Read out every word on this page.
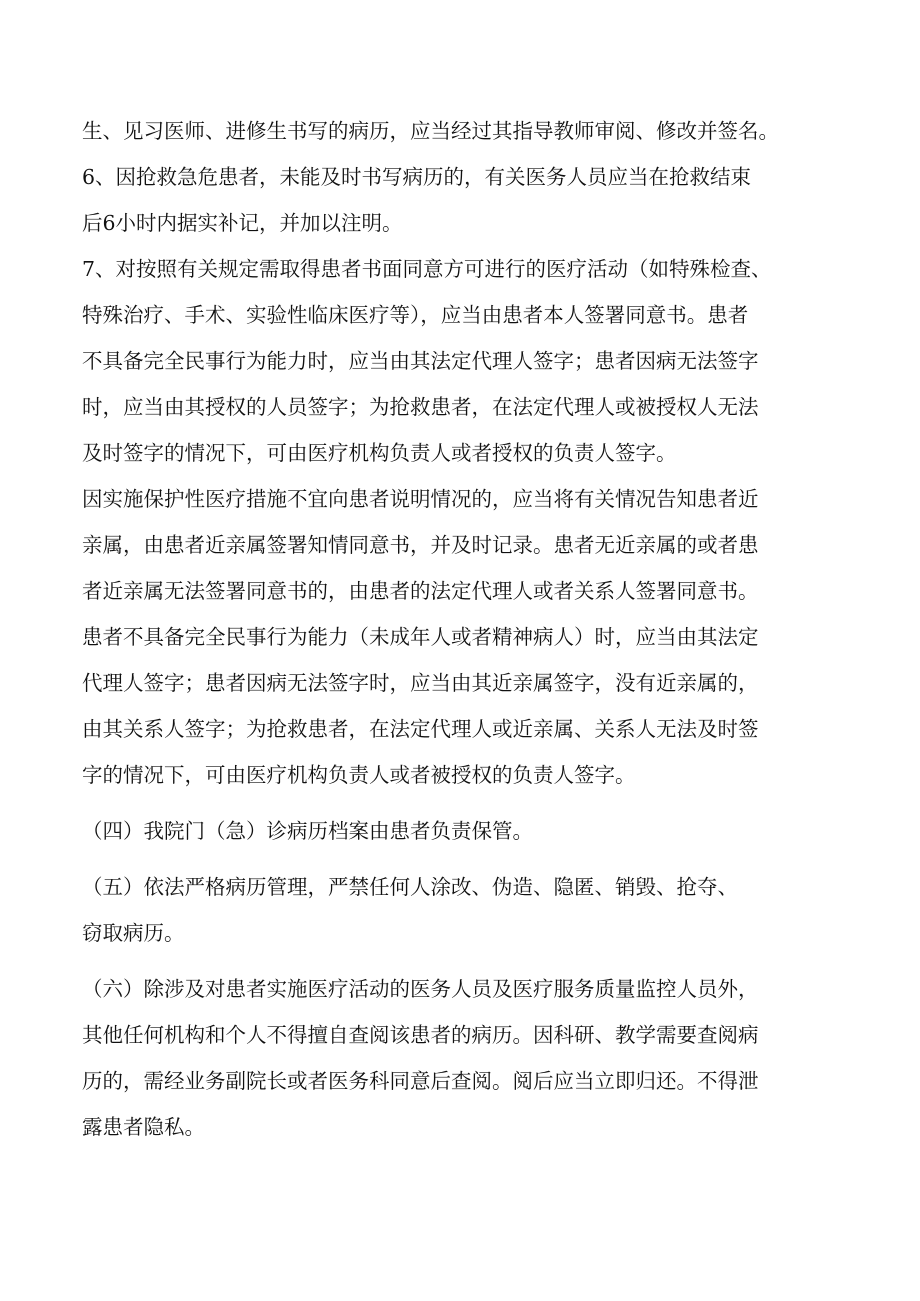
生、见习医师、进修生书写的病历，应当经过其指导教师审阅、修改并签名。
6、因抢救急危患者，未能及时书写病历的，有关医务人员应当在抢救结束
后6小时内据实补记，并加以注明。
7、对按照有关规定需取得患者书面同意方可进行的医疗活动（如特殊检查、
特殊治疗、手术、实验性临床医疗等），应当由患者本人签署同意书。患者
不具备完全民事行为能力时，应当由其法定代理人签字；患者因病无法签字
时，应当由其授权的人员签字；为抢救患者，在法定代理人或被授权人无法
及时签字的情况下，可由医疗机构负责人或者授权的负责人签字。
因实施保护性医疗措施不宜向患者说明情况的，应当将有关情况告知患者近
亲属，由患者近亲属签署知情同意书，并及时记录。患者无近亲属的或者患
者近亲属无法签署同意书的，由患者的法定代理人或者关系人签署同意书。
患者不具备完全民事行为能力（未成年人或者精神病人）时，应当由其法定
代理人签字；患者因病无法签字时，应当由其近亲属签字，没有近亲属的，
由其关系人签字；为抢救患者，在法定代理人或近亲属、关系人无法及时签
字的情况下，可由医疗机构负责人或者被授权的负责人签字。
（四）我院门（急）诊病历档案由患者负责保管。
（五）依法严格病历管理，严禁任何人涂改、伪造、隐匿、销毁、抢夺、
窃取病历。
（六）除涉及对患者实施医疗活动的医务人员及医疗服务质量监控人员外，
其他任何机构和个人不得擅自查阅该患者的病历。因科研、教学需要查阅病
历的，需经业务副院长或者医务科同意后查阅。阅后应当立即归还。不得泄
露患者隐私。
